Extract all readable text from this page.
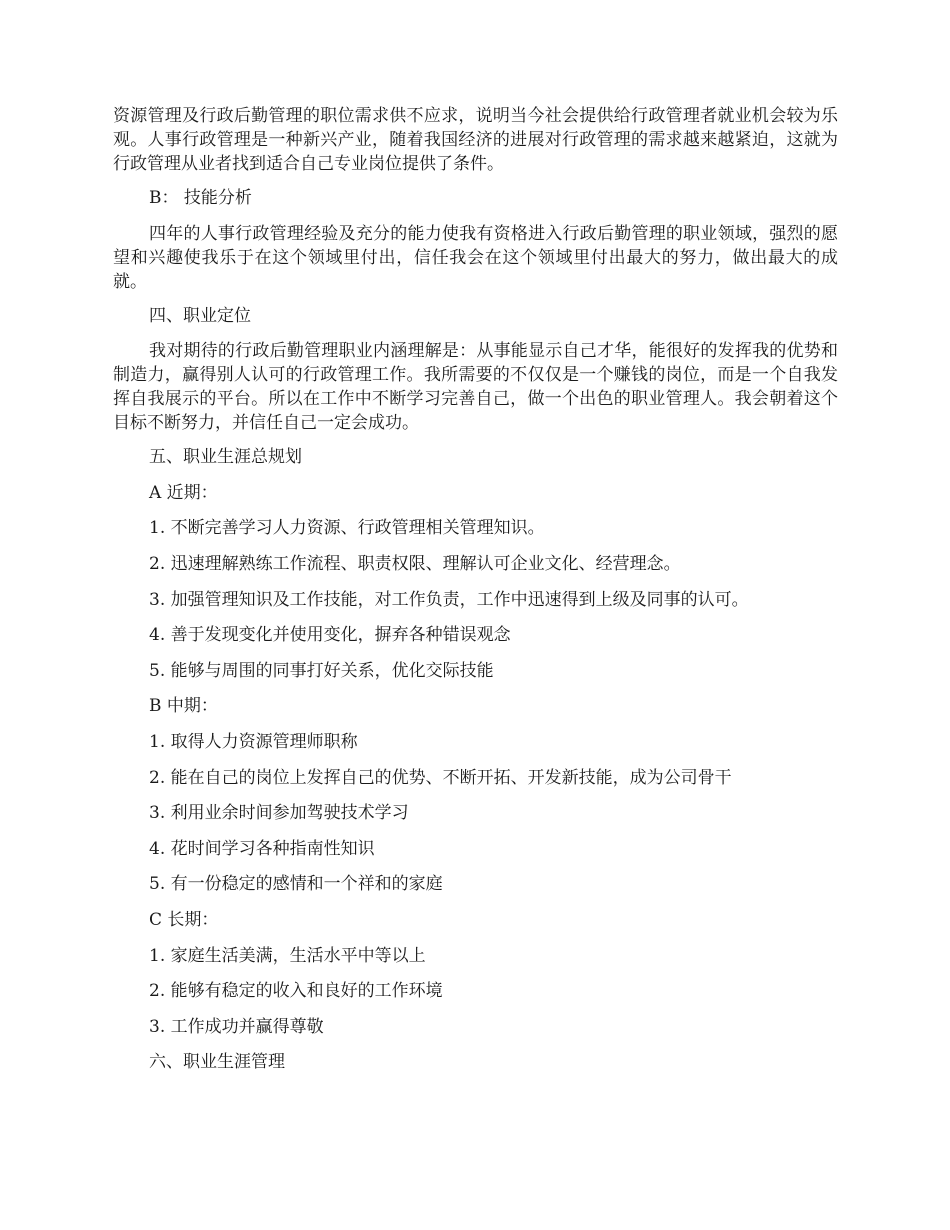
资源管理及行政后勤管理的职位需求供不应求，说明当今社会提供给行政管理者就业机会较为乐观。人事行政管理是一种新兴产业，随着我国经济的进展对行政管理的需求越来越紧迫，这就为行政管理从业者找到适合自己专业岗位提供了条件。

B： 技能分析

四年的人事行政管理经验及充分的能力使我有资格进入行政后勤管理的职业领域，强烈的愿望和兴趣使我乐于在这个领域里付出，信任我会在这个领域里付出最大的努力，做出最大的成就。

四、职业定位

我对期待的行政后勤管理职业内涵理解是：从事能显示自己才华，能很好的发挥我的优势和制造力，赢得别人认可的行政管理工作。我所需要的不仅仅是一个赚钱的岗位，而是一个自我发挥自我展示的平台。所以在工作中不断学习完善自己，做一个出色的职业管理人。我会朝着这个目标不断努力，并信任自己一定会成功。

五、职业生涯总规划

A 近期：

1. 不断完善学习人力资源、行政管理相关管理知识。

2. 迅速理解熟练工作流程、职责权限、理解认可企业文化、经营理念。

3. 加强管理知识及工作技能，对工作负责，工作中迅速得到上级及同事的认可。

4. 善于发现变化并使用变化，摒弃各种错误观念

5. 能够与周围的同事打好关系，优化交际技能

B 中期：

1. 取得人力资源管理师职称

2. 能在自己的岗位上发挥自己的优势、不断开拓、开发新技能，成为公司骨干

3. 利用业余时间参加驾驶技术学习

4. 花时间学习各种指南性知识

5. 有一份稳定的感情和一个祥和的家庭

C 长期：

1. 家庭生活美满，生活水平中等以上

2. 能够有稳定的收入和良好的工作环境

3. 工作成功并赢得尊敬

六、职业生涯管理
